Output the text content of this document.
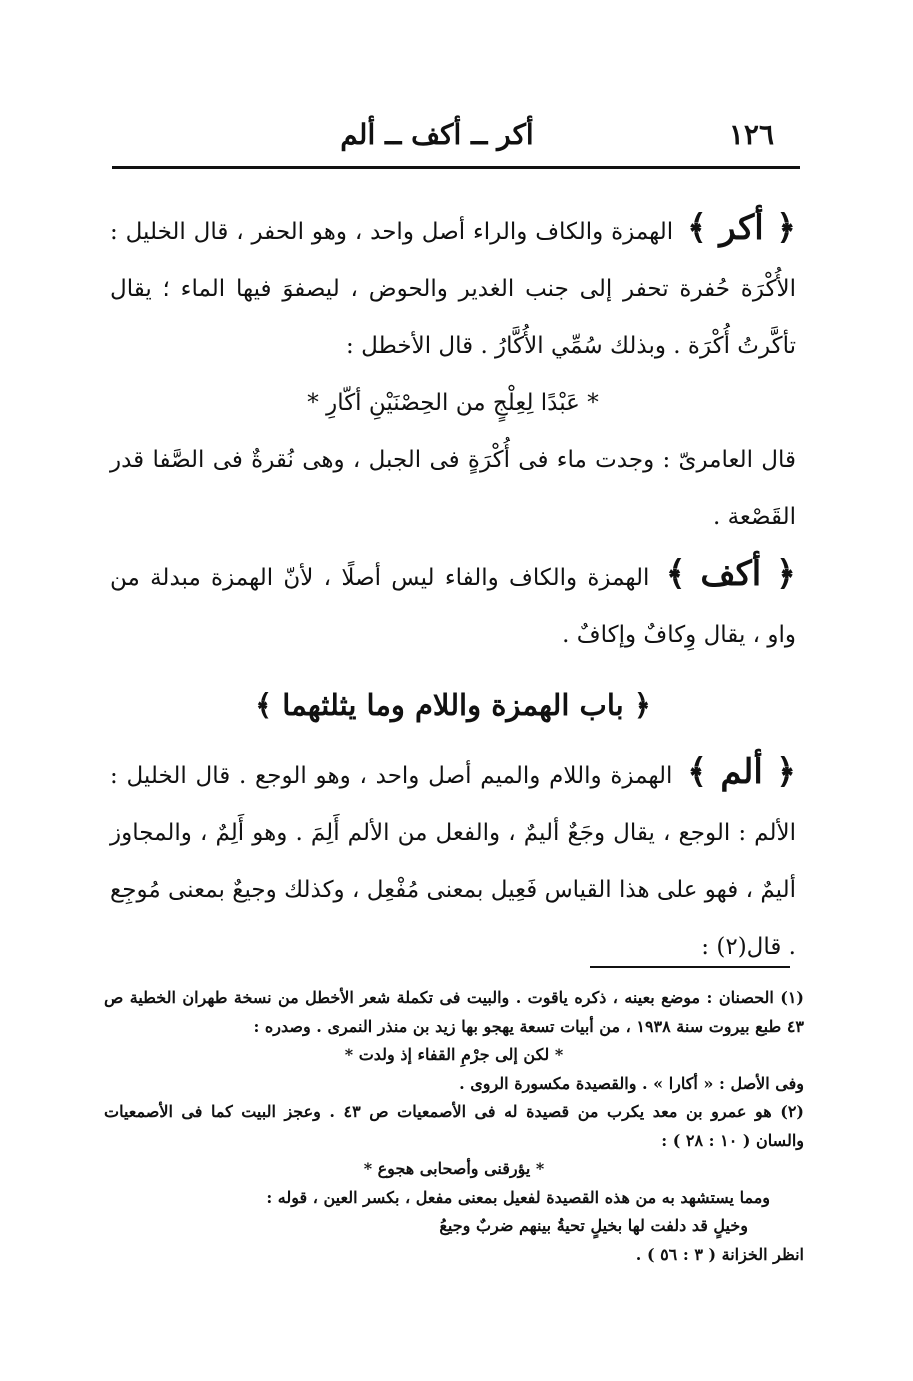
١٢٦
أكر ــ أكف ــ ألم

﴿ أكر ﴾ الهمزة والكاف والراء أصل واحد ، وهو الحفر ، قال الخليل : الأُكْرَة حُفرة تحفر إلى جنب الغدير والحوض ، ليصفوَ فيها الماء ؛ يقال تأكَّرتُ أُكْرَة . وبذلك سُمِّي الأُكَّارُ . قال الأخطل :

* عَبْدًا لِعِلْجٍ من الحِصْنَيْنِ أكّارِ *

قال العامرىّ : وجدت ماء فى أُكْرَةٍ فى الجبل ، وهى نُقرةٌ فى الصَّفا قدر القَصْعة .

﴿ أكف ﴾ الهمزة والكاف والفاء ليس أصلًا ، لأنّ الهمزة مبدلة من واو ، يقال وِكافٌ وإكافٌ .

﴿ باب الهمزة واللام وما يثلثهما ﴾

﴿ ألم ﴾ الهمزة واللام والميم أصل واحد ، وهو الوجع . قال الخليل : الألم : الوجع ، يقال وجَعٌ أليمٌ ، والفعل من الألم أَلِمَ . وهو أَلِمٌ ، والمجاوز أليمٌ ، فهو على هذا القياس فَعِيل بمعنى مُفْعِل ، وكذلك وجيعٌ بمعنى مُوجِع . قال(٢) :

(١) الحصنان : موضع بعينه ، ذكره ياقوت . والبيت فى تكملة شعر الأخطل من نسخة طهران الخطية ص ٤٣ طبع بيروت سنة ١٩٣٨ ، من أبيات تسعة يهجو بها زيد بن منذر النمرى . وصدره :

* لكن إلى جرْمِ القفاء إذ ولدت *

وفى الأصل : « أكارا » . والقصيدة مكسورة الروى .

(٢) هو عمرو بن معد يكرب من قصيدة له فى الأصمعيات ص ٤٣ . وعجز البيت كما فى الأصمعيات والسان ( ١٠ : ٢٨ ) :

* يؤرقنى وأصحابى هجوع *

ومما يستشهد به من هذه القصيدة لفعيل بمعنى مفعل ، بكسر العين ، قوله :

وخيلٍ قد دلفت لها بخيلٍ تحيةُ بينهم ضربٌ وجيعُ

انظر الخزانة ( ٣ : ٥٦ ) .
